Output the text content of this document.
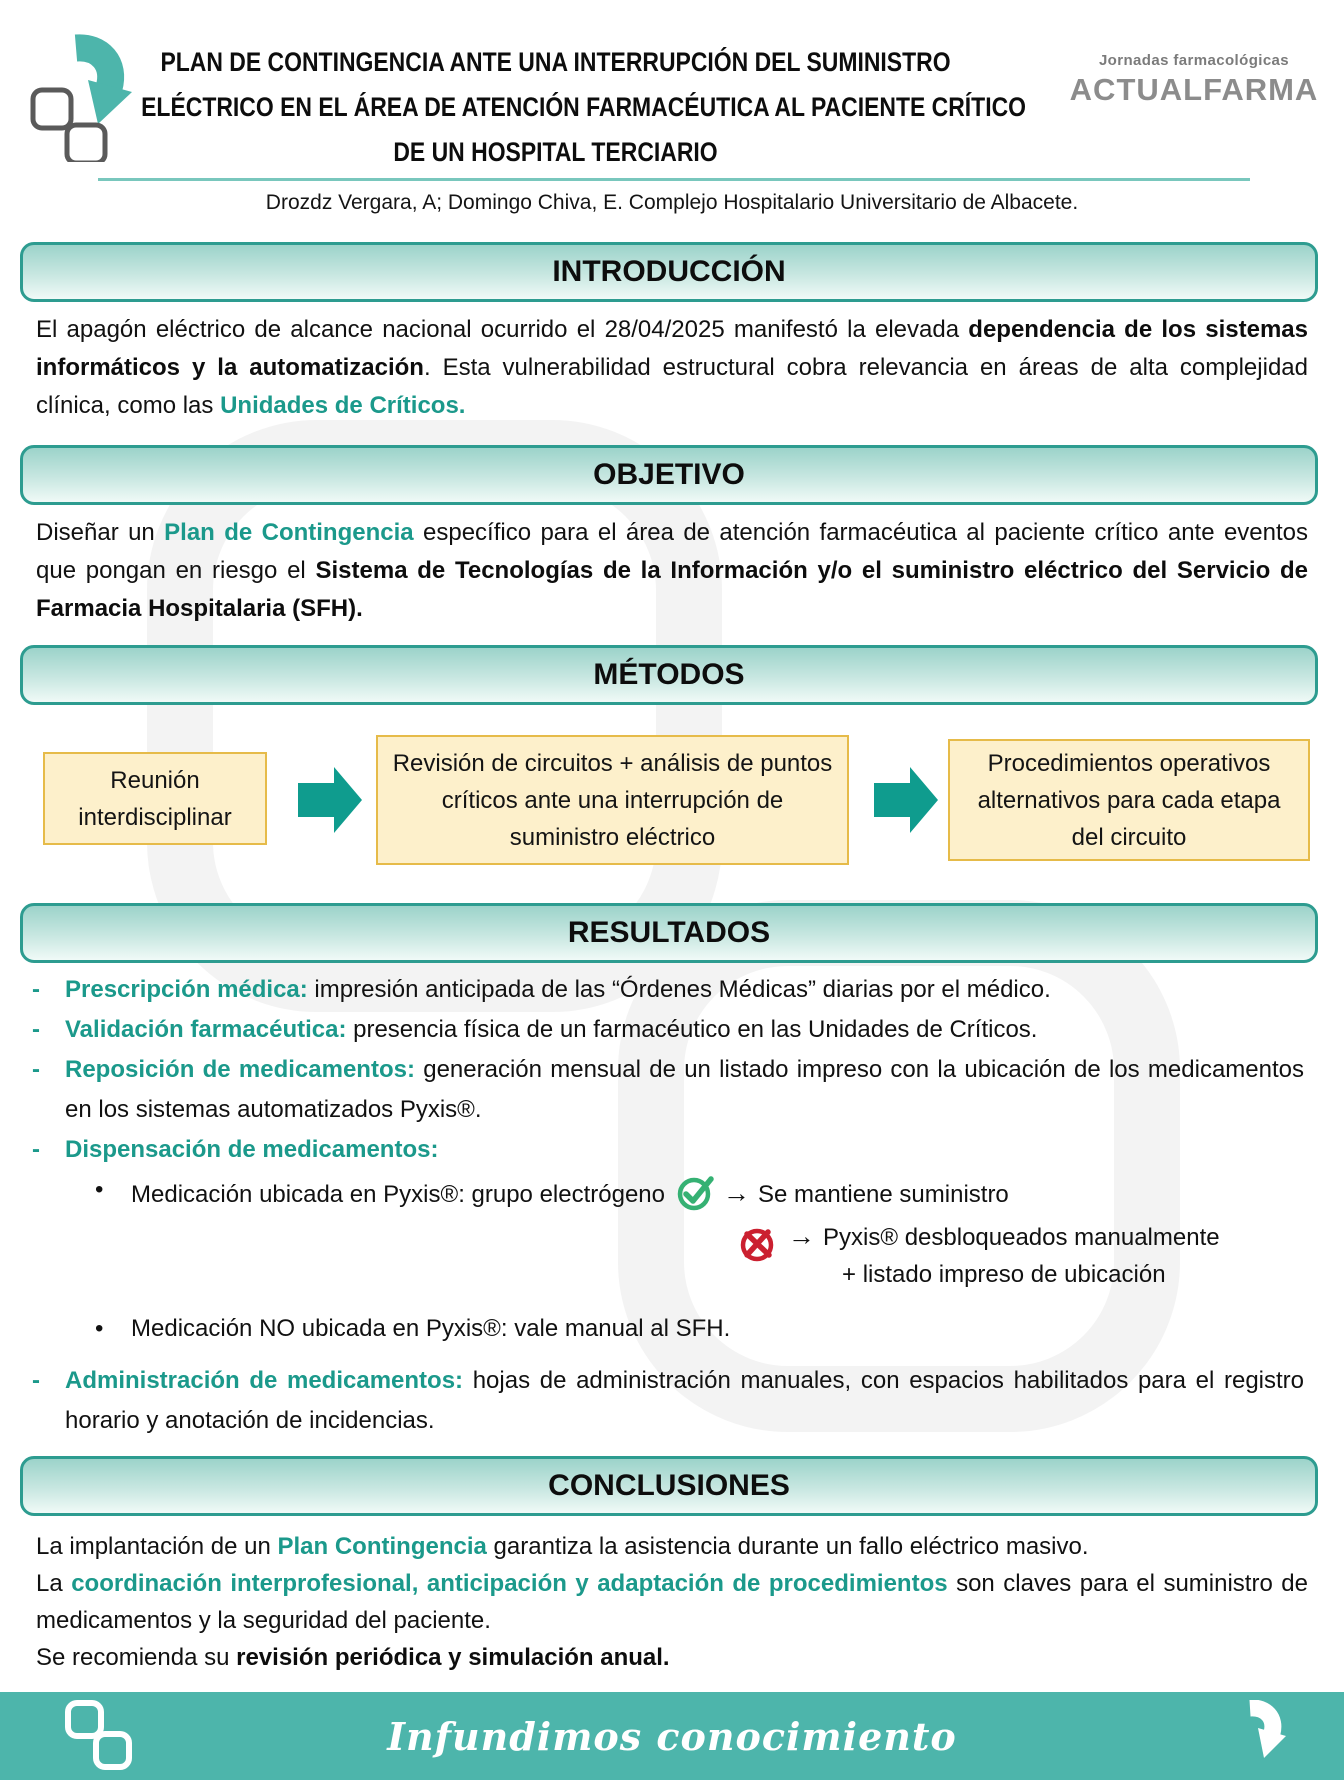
PLAN DE CONTINGENCIA ANTE UNA INTERRUPCIÓN DEL SUMINISTRO
ELÉCTRICO EN EL ÁREA DE ATENCIÓN FARMACÉUTICA AL PACIENTE CRÍTICO
DE UN HOSPITAL TERCIARIO
Jornadas farmacológicas
ACTUALFARMA
Drozdz Vergara, A; Domingo Chiva, E. Complejo Hospitalario Universitario de Albacete.
INTRODUCCIÓN

El apagón eléctrico de alcance nacional ocurrido el 28/04/2025 manifestó la elevada dependencia de los sistemas informáticos y la automatización. Esta vulnerabilidad estructural cobra relevancia en áreas de alta complejidad clínica, como las Unidades de Críticos.

OBJETIVO

Diseñar un Plan de Contingencia específico para el área de atención farmacéutica al paciente crítico ante eventos que pongan en riesgo el Sistema de Tecnologías de la Información y/o el suministro eléctrico del Servicio de Farmacia Hospitalaria (SFH).

MÉTODOS
Reunión interdisciplinar
Revisión de circuitos + análisis de puntos críticos ante una interrupción de suministro eléctrico
Procedimientos operativos alternativos para cada etapa del circuito
RESULTADOS
- Prescripción médica: impresión anticipada de las “Órdenes Médicas” diarias por el médico.
- Validación farmacéutica: presencia física de un farmacéutico en las Unidades de Críticos.
- Reposición de medicamentos: generación mensual de un listado impreso con la ubicación de los medicamentos en los sistemas automatizados Pyxis®.
- Dispensación de medicamentos:
• Medicación ubicada en Pyxis®: grupo electrógeno → Se mantiene suministro
→ Pyxis® desbloqueados manualmente
+ listado impreso de ubicación
• Medicación NO ubicada en Pyxis®: vale manual al SFH.
- Administración de medicamentos: hojas de administración manuales, con espacios habilitados para el registro horario y anotación de incidencias.
CONCLUSIONES

La implantación de un Plan Contingencia garantiza la asistencia durante un fallo eléctrico masivo.

La coordinación interprofesional, anticipación y adaptación de procedimientos son claves para el suministro de medicamentos y la seguridad del paciente.

Se recomienda su revisión periódica y simulación anual.

Infundimos conocimiento
